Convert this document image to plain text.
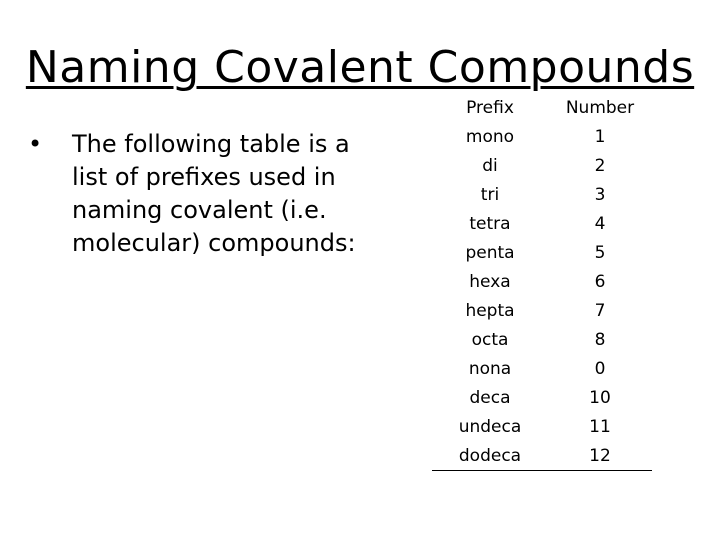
Naming Covalent Compounds
•	The following table is a list of prefixes used in naming covalent (i.e. molecular) compounds:
Prefix	Number
mono	1
di	2
tri	3
tetra	4
penta	5
hexa	6
hepta	7
octa	8
nona	0
deca	10
undeca	11
dodeca	12
